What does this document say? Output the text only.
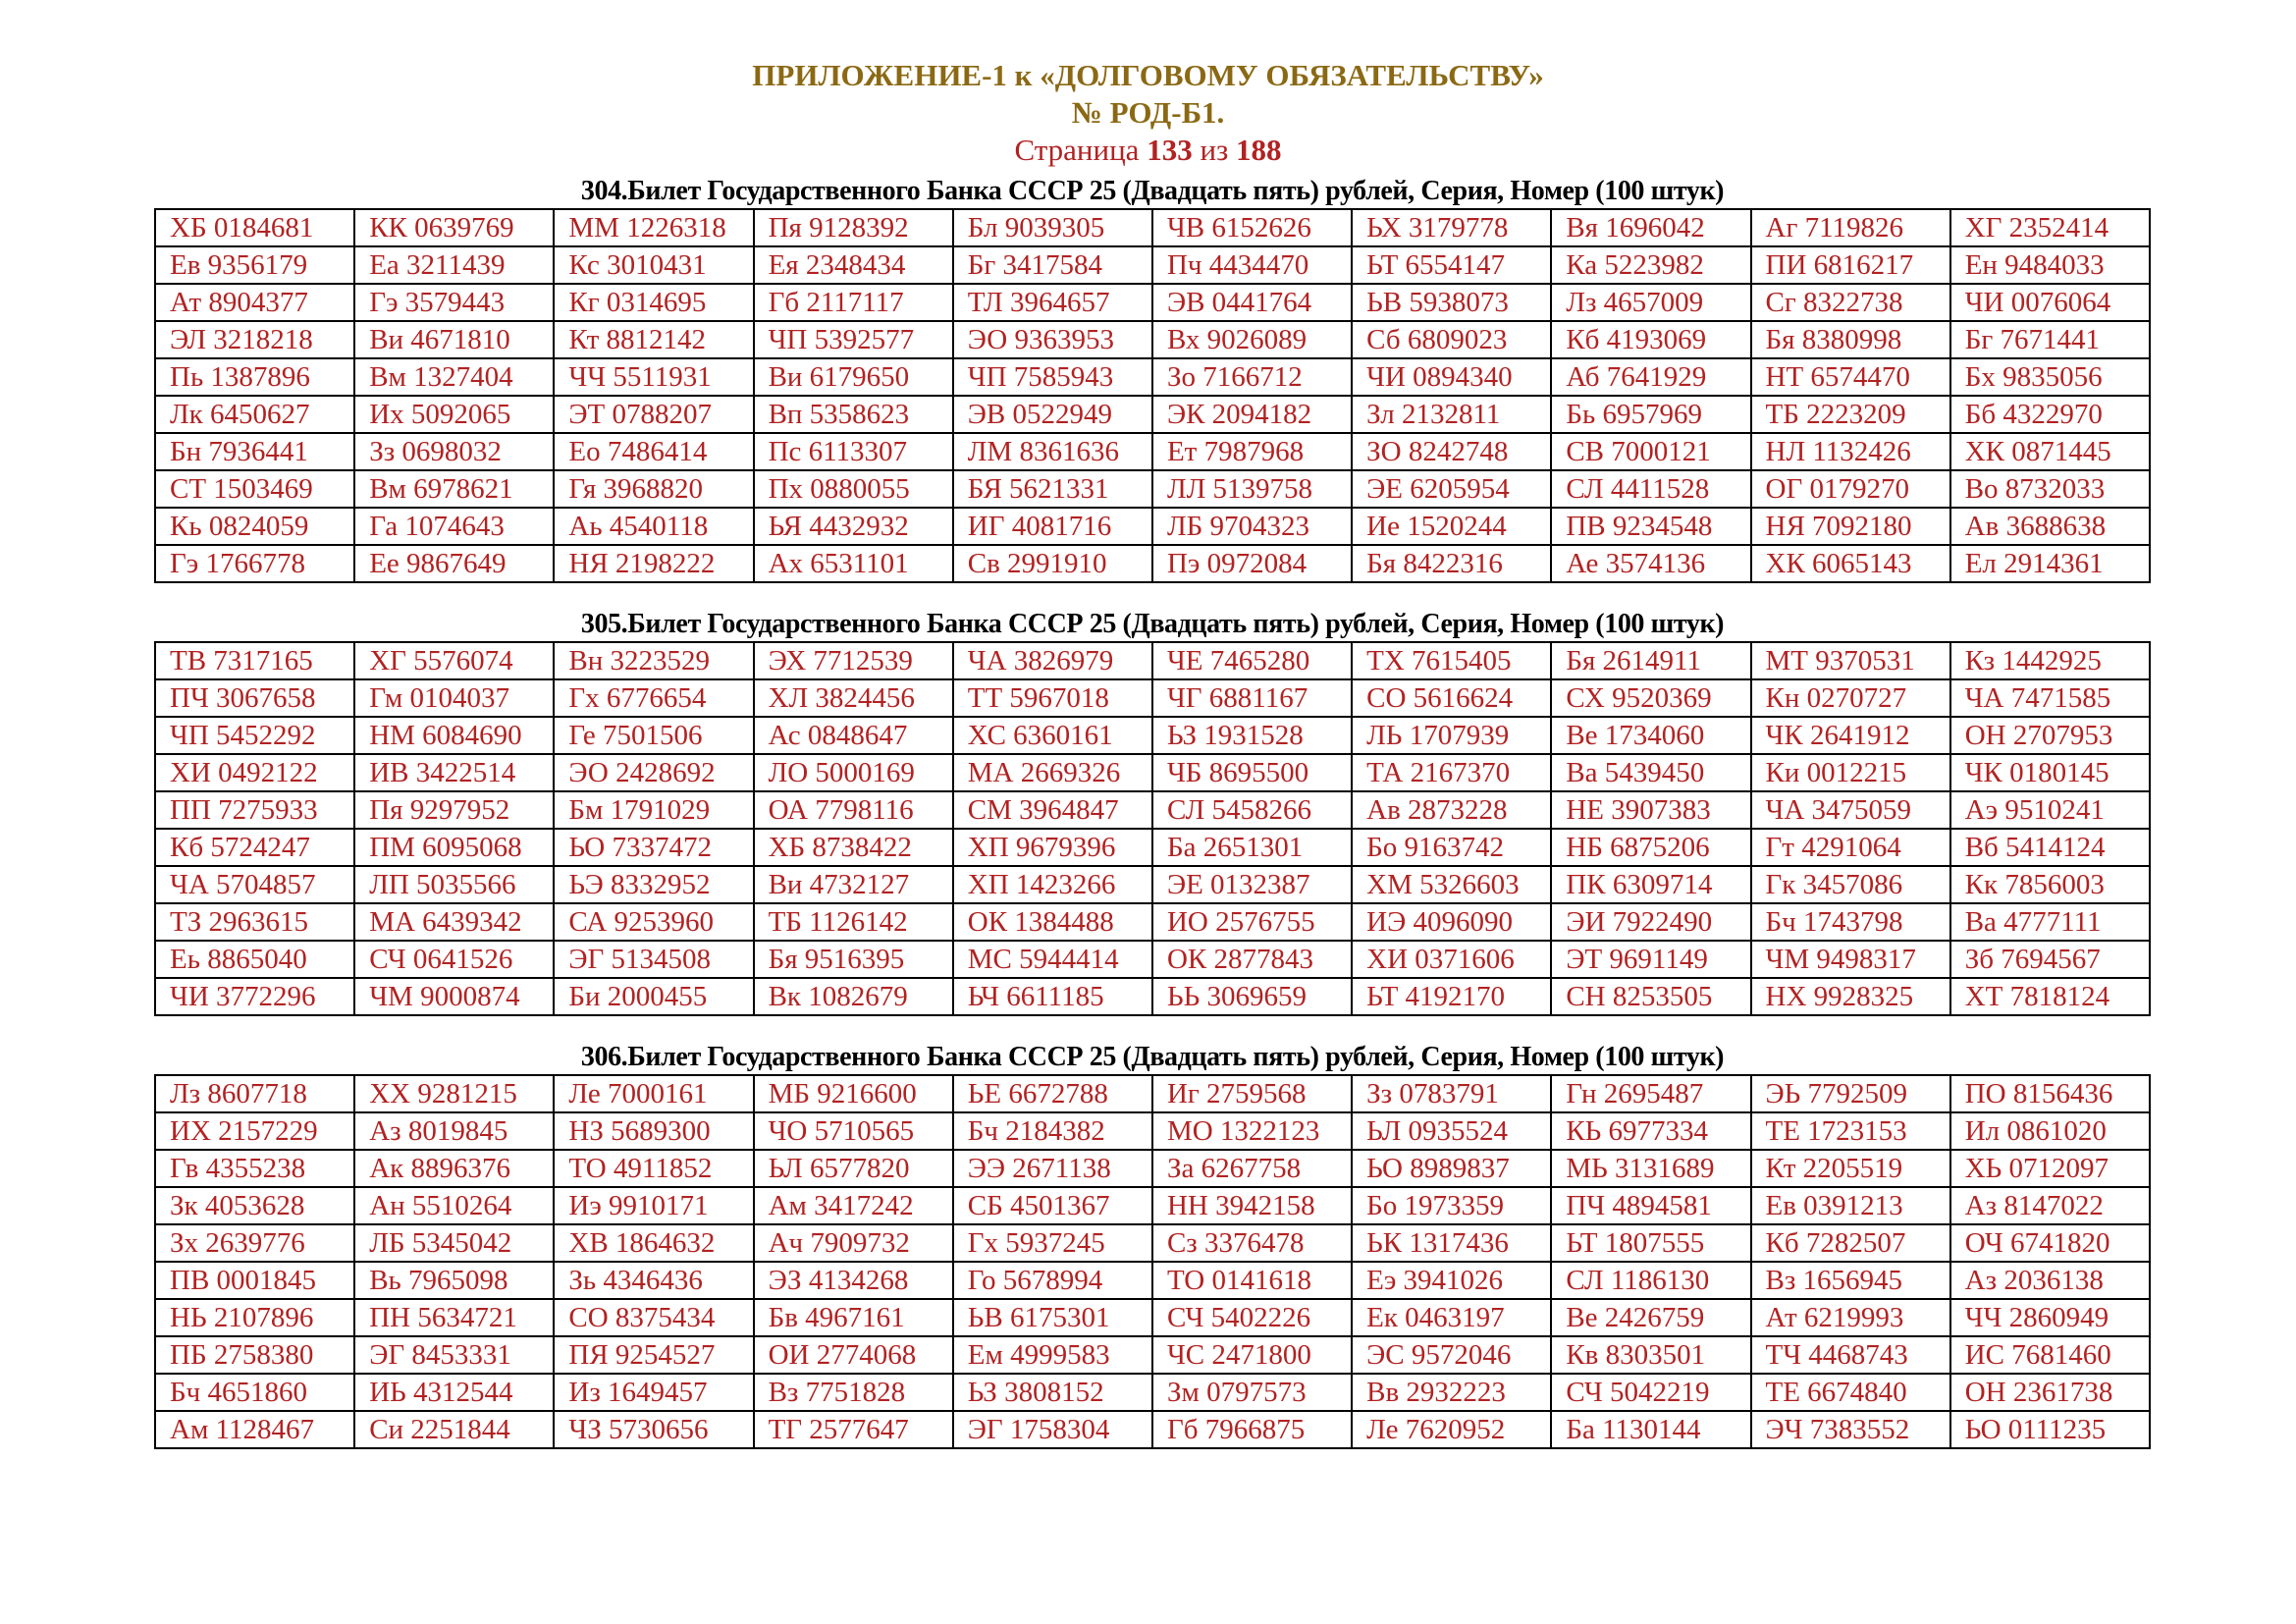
ПРИЛОЖЕНИЕ-1 к «ДОЛГОВОМУ ОБЯЗАТЕЛЬСТВУ»
№ РОД-Б1.
Страница 133 из 188
304.Билет Государственного Банка СССР 25 (Двадцать пять) рублей, Серия, Номер (100 штук)
ХБ 0184681	КК 0639769	ММ 1226318	Пя 9128392	Бл 9039305	ЧВ 6152626	ЬХ 3179778	Вя 1696042	Аг 7119826	ХГ 2352414
Ев 9356179	Еа 3211439	Кс 3010431	Ея 2348434	Бг 3417584	Пч 4434470	ЬТ 6554147	Ка 5223982	ПИ 6816217	Ен 9484033
Ат 8904377	Гэ 3579443	Кг 0314695	Гб 2117117	ТЛ 3964657	ЭВ 0441764	ЬВ 5938073	Лз 4657009	Сг 8322738	ЧИ 0076064
ЭЛ 3218218	Ви 4671810	Кт 8812142	ЧП 5392577	ЭО 9363953	Вх 9026089	Сб 6809023	Кб 4193069	Бя 8380998	Бг 7671441
Пь 1387896	Вм 1327404	ЧЧ 5511931	Ви 6179650	ЧП 7585943	Зо 7166712	ЧИ 0894340	Аб 7641929	НТ 6574470	Бх 9835056
Лк 6450627	Их 5092065	ЭТ 0788207	Вп 5358623	ЭВ 0522949	ЭК 2094182	Зл 2132811	Бь 6957969	ТБ 2223209	Бб 4322970
Бн 7936441	Зз 0698032	Ео 7486414	Пс 6113307	ЛМ 8361636	Ет 7987968	ЗО 8242748	СВ 7000121	НЛ 1132426	ХК 0871445
СТ 1503469	Вм 6978621	Гя 3968820	Пх 0880055	БЯ 5621331	ЛЛ 5139758	ЭЕ 6205954	СЛ 4411528	ОГ 0179270	Во 8732033
Кь 0824059	Га 1074643	Аь 4540118	ЬЯ 4432932	ИГ 4081716	ЛБ 9704323	Ие 1520244	ПВ 9234548	НЯ 7092180	Ав 3688638
Гэ 1766778	Ее 9867649	НЯ 2198222	Ах 6531101	Св 2991910	Пэ 0972084	Бя 8422316	Ае 3574136	ХК 6065143	Ел 2914361
305.Билет Государственного Банка СССР 25 (Двадцать пять) рублей, Серия, Номер (100 штук)
ТВ 7317165	ХГ 5576074	Вн 3223529	ЭХ 7712539	ЧА 3826979	ЧЕ 7465280	ТХ 7615405	Бя 2614911	МТ 9370531	Кз 1442925
ПЧ 3067658	Гм 0104037	Гх 6776654	ХЛ 3824456	ТТ 5967018	ЧГ 6881167	СО 5616624	СХ 9520369	Кн 0270727	ЧА 7471585
ЧП 5452292	НМ 6084690	Ге 7501506	Ас 0848647	ХС 6360161	ЬЗ 1931528	ЛЬ 1707939	Ве 1734060	ЧК 2641912	ОН 2707953
ХИ 0492122	ИВ 3422514	ЭО 2428692	ЛО 5000169	МА 2669326	ЧБ 8695500	ТА 2167370	Ва 5439450	Ки 0012215	ЧК 0180145
ПП 7275933	Пя 9297952	Бм 1791029	ОА 7798116	СМ 3964847	СЛ 5458266	Ав 2873228	НЕ 3907383	ЧА 3475059	Аэ 9510241
Кб 5724247	ПМ 6095068	ЬО 7337472	ХБ 8738422	ХП 9679396	Ба 2651301	Бо 9163742	НБ 6875206	Гт 4291064	Вб 5414124
ЧА 5704857	ЛП 5035566	ЬЭ 8332952	Ви 4732127	ХП 1423266	ЭЕ 0132387	ХМ 5326603	ПК 6309714	Гк 3457086	Кк 7856003
ТЗ 2963615	МА 6439342	СА 9253960	ТБ 1126142	ОК 1384488	ИО 2576755	ИЭ 4096090	ЭИ 7922490	Бч 1743798	Ва 4777111
Еь 8865040	СЧ 0641526	ЭГ 5134508	Бя 9516395	МС 5944414	ОК 2877843	ХИ 0371606	ЭТ 9691149	ЧМ 9498317	Зб 7694567
ЧИ 3772296	ЧМ 9000874	Би 2000455	Вк 1082679	ЬЧ 6611185	ЬЬ 3069659	ЬТ 4192170	СН 8253505	НХ 9928325	ХТ 7818124
306.Билет Государственного Банка СССР 25 (Двадцать пять) рублей, Серия, Номер (100 штук)
Лз 8607718	ХХ 9281215	Ле 7000161	МБ 9216600	ЬЕ 6672788	Иг 2759568	Зз 0783791	Гн 2695487	ЭЬ 7792509	ПО 8156436
ИХ 2157229	Аз 8019845	НЗ 5689300	ЧО 5710565	Бч 2184382	МО 1322123	ЬЛ 0935524	КЬ 6977334	ТЕ 1723153	Ил 0861020
Гв 4355238	Ак 8896376	ТО 4911852	ЬЛ 6577820	ЭЭ 2671138	За 6267758	ЬО 8989837	МЬ 3131689	Кт 2205519	ХЬ 0712097
Зк 4053628	Ан 5510264	Иэ 9910171	Ам 3417242	СБ 4501367	НН 3942158	Бо 1973359	ПЧ 4894581	Ев 0391213	Аз 8147022
Зх 2639776	ЛБ 5345042	ХВ 1864632	Ач 7909732	Гх 5937245	Сз 3376478	ЬК 1317436	ЬТ 1807555	Кб 7282507	ОЧ 6741820
ПВ 0001845	Вь 7965098	Зь 4346436	ЭЗ 4134268	Го 5678994	ТО 0141618	Еэ 3941026	СЛ 1186130	Вз 1656945	Аз 2036138
НЬ 2107896	ПН 5634721	СО 8375434	Бв 4967161	ЬВ 6175301	СЧ 5402226	Ек 0463197	Ве 2426759	Ат 6219993	ЧЧ 2860949
ПБ 2758380	ЭГ 8453331	ПЯ 9254527	ОИ 2774068	Ем 4999583	ЧС 2471800	ЭС 9572046	Кв 8303501	ТЧ 4468743	ИС 7681460
Бч 4651860	ИЬ 4312544	Из 1649457	Вз 7751828	ЬЗ 3808152	Зм 0797573	Вв 2932223	СЧ 5042219	ТЕ 6674840	ОН 2361738
Ам 1128467	Си 2251844	ЧЗ 5730656	ТГ 2577647	ЭГ 1758304	Гб 7966875	Ле 7620952	Ба 1130144	ЭЧ 7383552	ЬО 0111235
